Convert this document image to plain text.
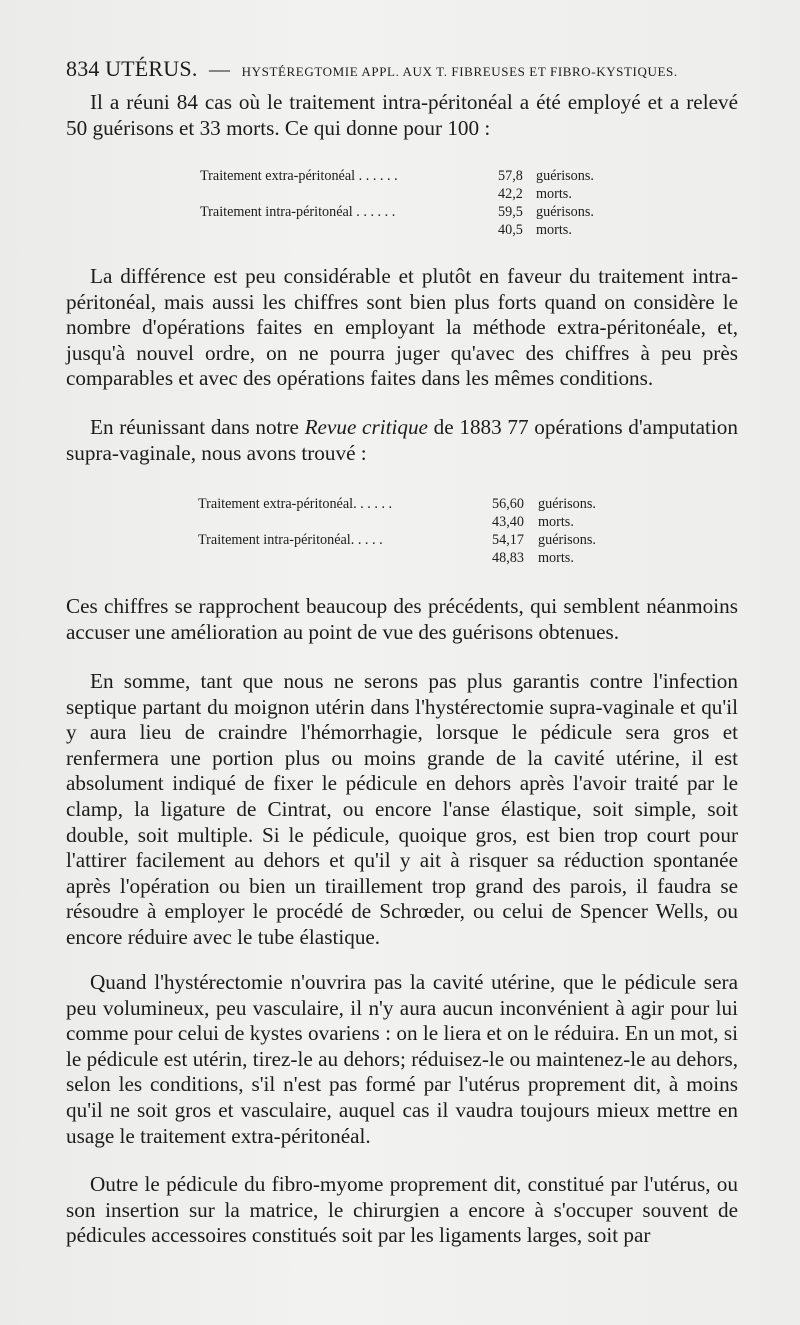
834 UTÉRUS. — HYSTÉREGTOMIE APPL. AUX T. FIBREUSES ET FIBRO-KYSTIQUES.

Il a réuni 84 cas où le traitement intra-péritonéal a été employé et a relevé 50 guérisons et 33 morts. Ce qui donne pour 100 :

Traitement extra-péritonéal . . . . . .	57,8 guérisons.
42,2 morts.
Traitement intra-péritonéal . . . . . .	59,5 guérisons.
40,5 morts.

La différence est peu considérable et plutôt en faveur du traitement intra-péritonéal, mais aussi les chiffres sont bien plus forts quand on considère le nombre d'opérations faites en employant la méthode extra-péritonéale, et, jusqu'à nouvel ordre, on ne pourra juger qu'avec des chiffres à peu près comparables et avec des opérations faites dans les mêmes conditions.

En réunissant dans notre Revue critique de 1883 77 opérations d'amputation supra-vaginale, nous avons trouvé :

Traitement extra-péritonéal. . . . . .	56,60 guérisons.
43,40 morts.
Traitement intra-péritonéal. . . . .	54,17 guérisons.
48,83 morts.

Ces chiffres se rapprochent beaucoup des précédents, qui semblent néanmoins accuser une amélioration au point de vue des guérisons obtenues.

En somme, tant que nous ne serons pas plus garantis contre l'infection septique partant du moignon utérin dans l'hystérectomie supra-vaginale et qu'il y aura lieu de craindre l'hémorrhagie, lorsque le pédicule sera gros et renfermera une portion plus ou moins grande de la cavité utérine, il est absolument indiqué de fixer le pédicule en dehors après l'avoir traité par le clamp, la ligature de Cintrat, ou encore l'anse élastique, soit simple, soit double, soit multiple. Si le pédicule, quoique gros, est bien trop court pour l'attirer facilement au dehors et qu'il y ait à risquer sa réduction spontanée après l'opération ou bien un tiraillement trop grand des parois, il faudra se résoudre à employer le procédé de Schrœder, ou celui de Spencer Wells, ou encore réduire avec le tube élastique.

Quand l'hystérectomie n'ouvrira pas la cavité utérine, que le pédicule sera peu volumineux, peu vasculaire, il n'y aura aucun inconvénient à agir pour lui comme pour celui de kystes ovariens : on le liera et on le réduira. En un mot, si le pédicule est utérin, tirez-le au dehors; réduisez-le ou maintenez-le au dehors, selon les conditions, s'il n'est pas formé par l'utérus proprement dit, à moins qu'il ne soit gros et vasculaire, auquel cas il vaudra toujours mieux mettre en usage le traitement extra-péritonéal.

Outre le pédicule du fibro-myome proprement dit, constitué par l'utérus, ou son insertion sur la matrice, le chirurgien a encore à s'occuper souvent de pédicules accessoires constitués soit par les ligaments larges, soit par
